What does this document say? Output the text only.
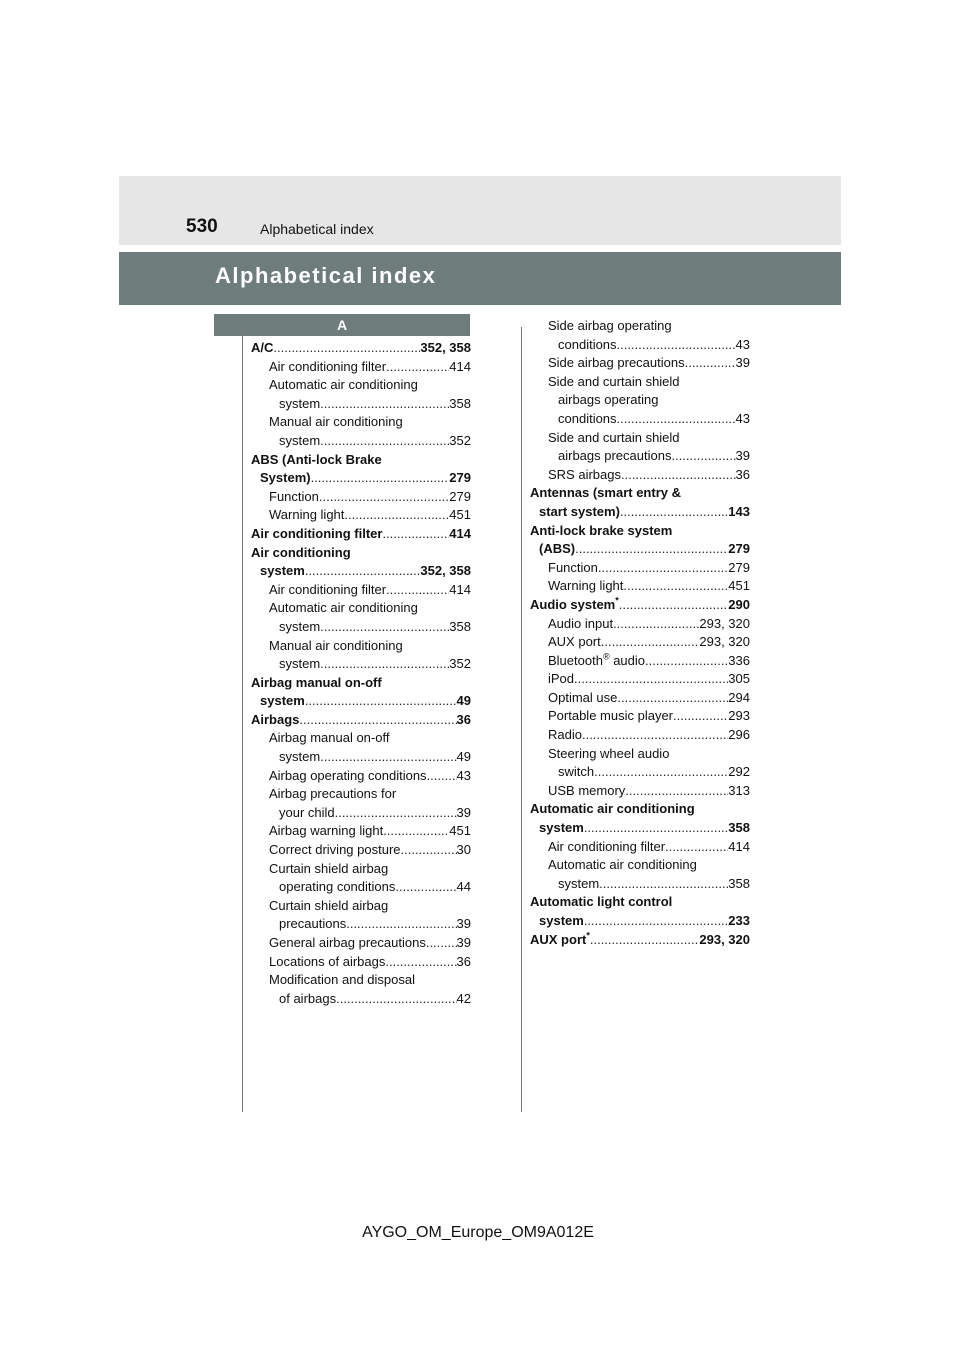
530	Alphabetical index
Alphabetical index
A
A/C .....	352, 358
Air conditioning filter .....	414
Automatic air conditioning
system .....	358
Manual air conditioning
system .....	352
ABS (Anti-lock Brake
System) .....	279
Function .....	279
Warning light .....	451
Air conditioning filter .....	414
Air conditioning
system .....	352, 358
Air conditioning filter .....	414
Automatic air conditioning
system .....	358
Manual air conditioning
system .....	352
Airbag manual on-off
system .....	49
Airbags .....	36
Airbag manual on-off
system .....	49
Airbag operating conditions ..... 43
Airbag precautions for
your child .....	39
Airbag warning light .....	451
Correct driving posture .....	30
Curtain shield airbag
operating conditions .....	44
Curtain shield airbag
precautions .....	39
General airbag precautions ..... 39
Locations of airbags .....	36
Modification and disposal
of airbags .....	42
Side airbag operating
conditions .....	43
Side airbag precautions .....	39
Side and curtain shield
airbags operating
conditions .....	43
Side and curtain shield
airbags precautions .....	39
SRS airbags .....	36
Antennas (smart entry &
start system) .....	143
Anti-lock brake system
(ABS) .....	279
Function .....	279
Warning light .....	451
Audio system* .....	290
Audio input .....	293, 320
AUX port .....	293, 320
Bluetooth® audio .....	336
iPod .....	305
Optimal use .....	294
Portable music player .....	293
Radio .....	296
Steering wheel audio
switch .....	292
USB memory .....	313
Automatic air conditioning
system .....	358
Air conditioning filter .....	414
Automatic air conditioning
system .....	358
Automatic light control
system .....	233
AUX port* .....	293, 320
AYGO_OM_Europe_OM9A012E
